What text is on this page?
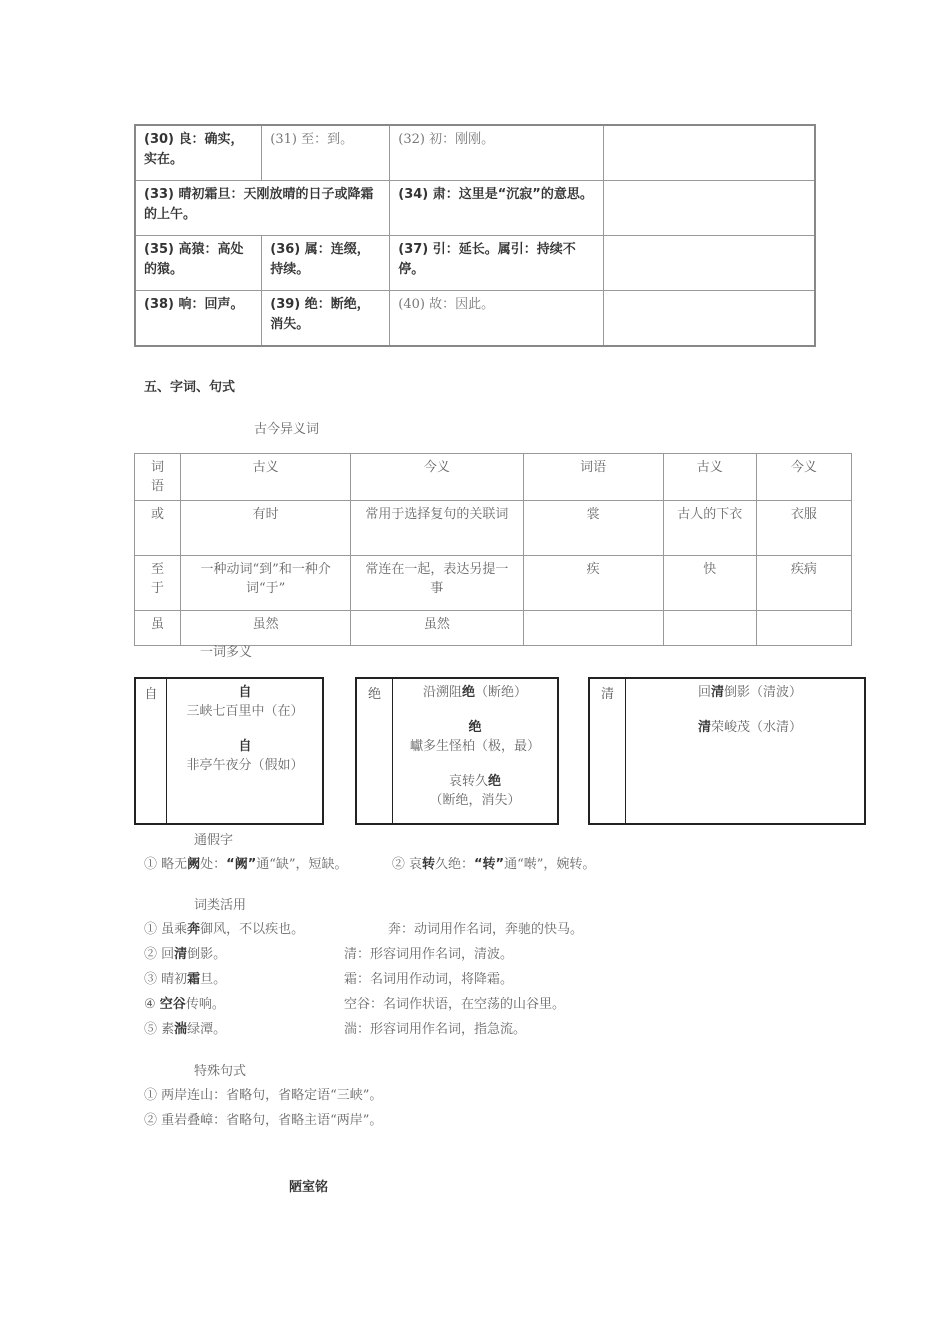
(30) 良：确实，实在。	(31) 至：到。	(32) 初：刚刚。	
(33) 晴初霜旦：天刚放晴的日子或降霜的上午。		(34) 肃：这里是“沉寂”的意思。	
(35) 高猿：高处的猿。	(36) 属：连缀，持续。	(37) 引：延长。属引：持续不停。	
(38) 响：回声。	(39) 绝：断绝，消失。	(40) 故：因此。	
五、字词、句式
古今异义词
词语	古义	今义	词语	古义	今义
或	有时	常用于选择复句的关联词	裳	古人的下衣	衣服
至于	一种动词“到”和一种介词“于”	常连在一起，表达另提一事	疾	快	疾病
虽	虽然	虽然			
一词多义
自	自三峡七百里中（在）

自非亭午夜分（假如）

绝	沿溯阻绝（断绝）

绝巘多生怪柏（极，最）

哀转久绝（断绝，消失）

清	回清倒影（清波）

清荣峻茂（水清）

通假字
① 略无阙处：“阙”通“缺”，短缺。	② 哀转久绝：“转”通“啭”，婉转。
词类活用
① 虽乘奔御风，不以疾也。	奔：动词用作名词，奔驰的快马。
② 回清倒影。	清：形容词用作名词，清波。
③ 晴初霜旦。	霜：名词用作动词，将降霜。
④ 空谷传响。	空谷：名词作状语，在空荡的山谷里。
⑤ 素湍绿潭。	湍：形容词用作名词，指急流。
特殊句式
① 两岸连山：省略句，省略定语“三峡”。
② 重岩叠嶂：省略句，省略主语“两岸”。
陋室铭
